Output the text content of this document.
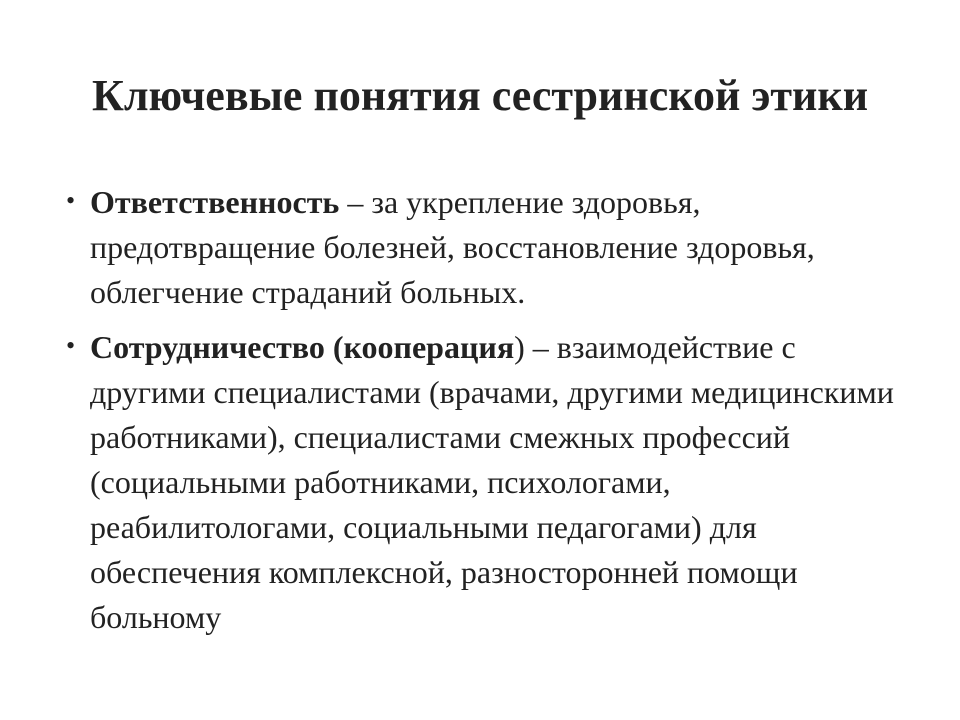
Ключевые понятия сестринской этики
• Ответственность – за укрепление здоровья, предотвращение болезней, восстановление здоровья, облегчение страданий больных.
• Сотрудничество (кооперация) – взаимодействие с другими специалистами (врачами, другими медицинскими работниками), специалистами смежных профессий (социальными работниками, психологами, реабилитологами, социальными педагогами) для обеспечения комплексной, разносторонней помощи больному
